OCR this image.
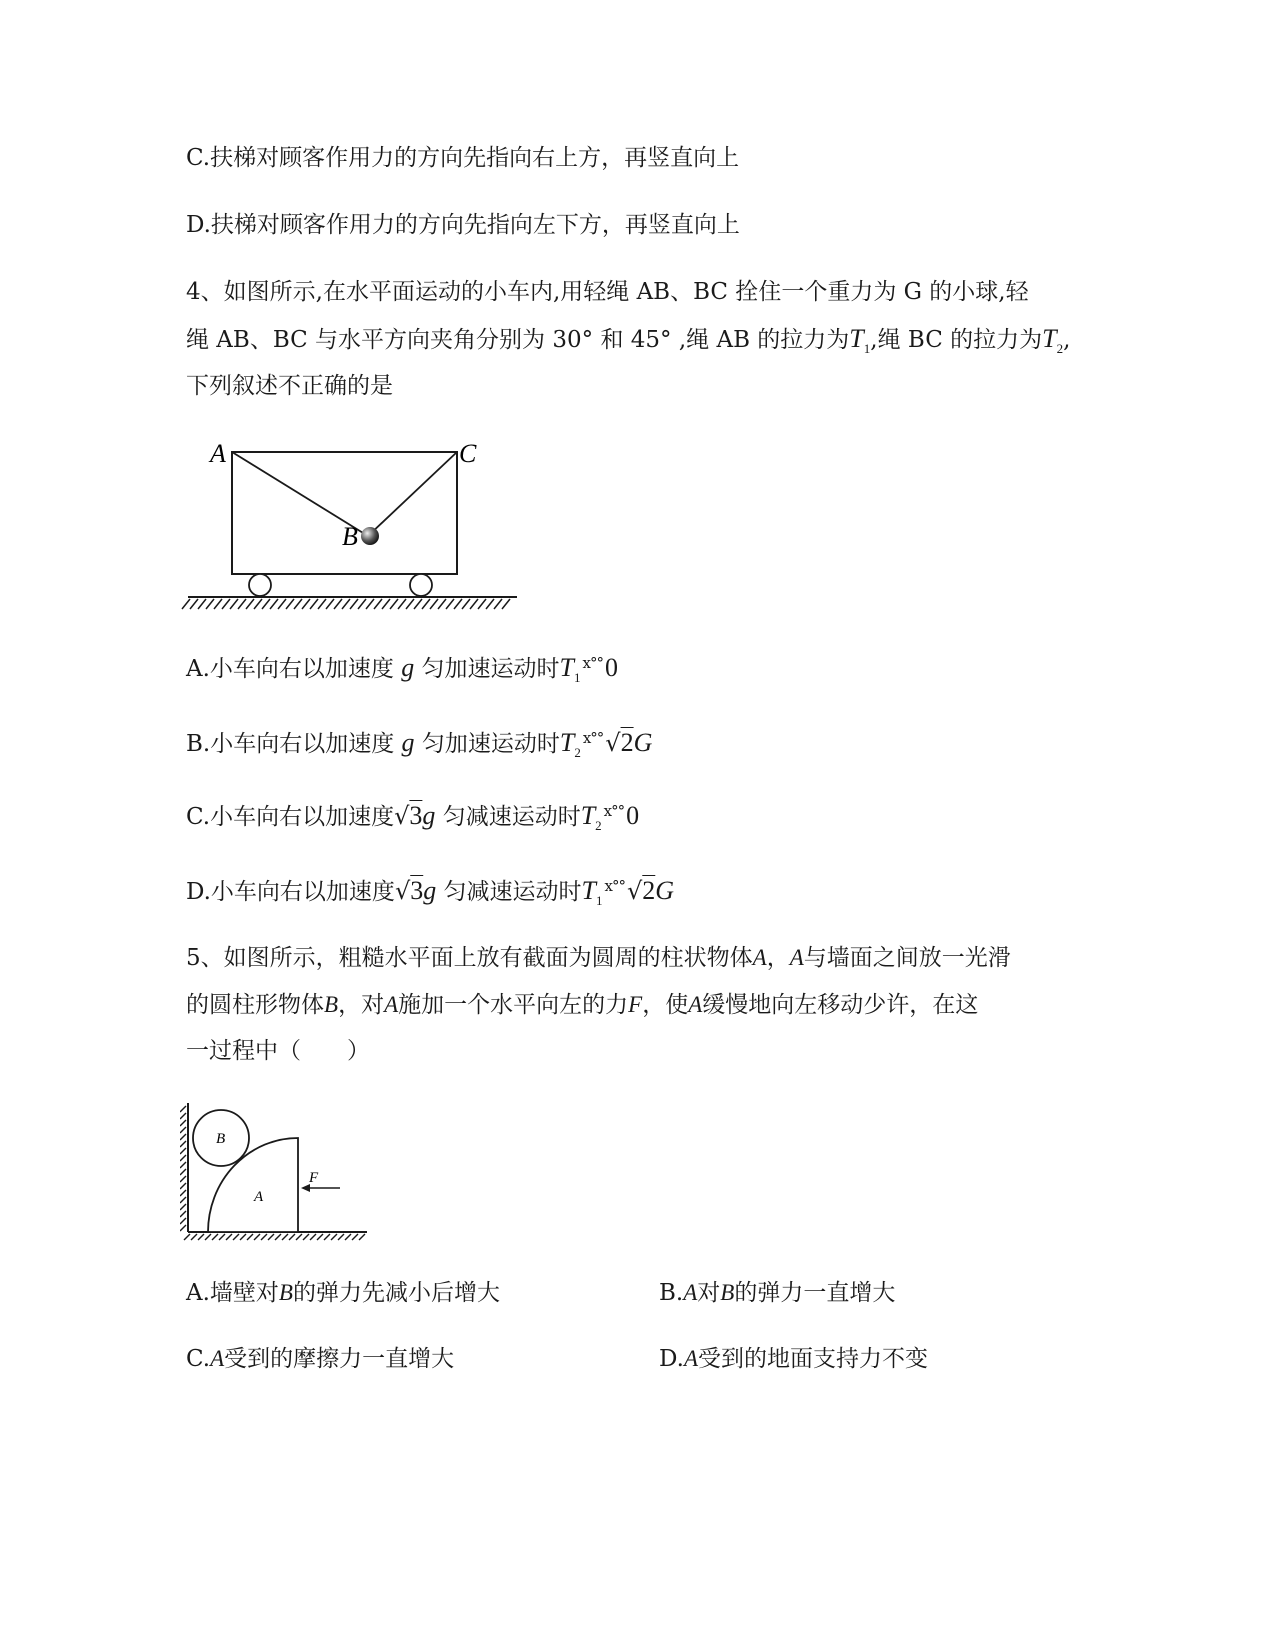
C.扶梯对顾客作用力的方向先指向右上方，再竖直向上
D.扶梯对顾客作用力的方向先指向左下方，再竖直向上
4、如图所示,在水平面运动的小车内,用轻绳 AB、BC 拴住一个重力为 G 的小球,轻
绳 AB、BC 与水平方向夹角分别为 30° 和 45° ,绳 AB 的拉力为$T_1$,绳 BC 的拉力为$T_2$,
下列叙述不正确的是
A	C
B
A.小车向右以加速度 g 匀加速运动时$T_1^{ⅹ^\circ^\circ}0$
B.小车向右以加速度 g 匀加速运动时$T_2^{ⅹ^\circ^\circ}√2G$
C.小车向右以加速度√3g 匀减速运动时$T_2^{ⅹ^\circ^\circ}0$
D.小车向右以加速度√3g 匀减速运动时$T_1^{ⅹ^\circ^\circ}√2G$
5、如图所示，粗糙水平面上放有截面为圆周的柱状物体A，A与墙面之间放一光滑
的圆柱形物体B，对A施加一个水平向左的力F，使A缓慢地向左移动少许，在这
一过程中（　　）
B
A
F
A.墙壁对B的弹力先减小后增大	B.A对B的弹力一直增大
C.A受到的摩擦力一直增大	D.A受到的地面支持力不变
